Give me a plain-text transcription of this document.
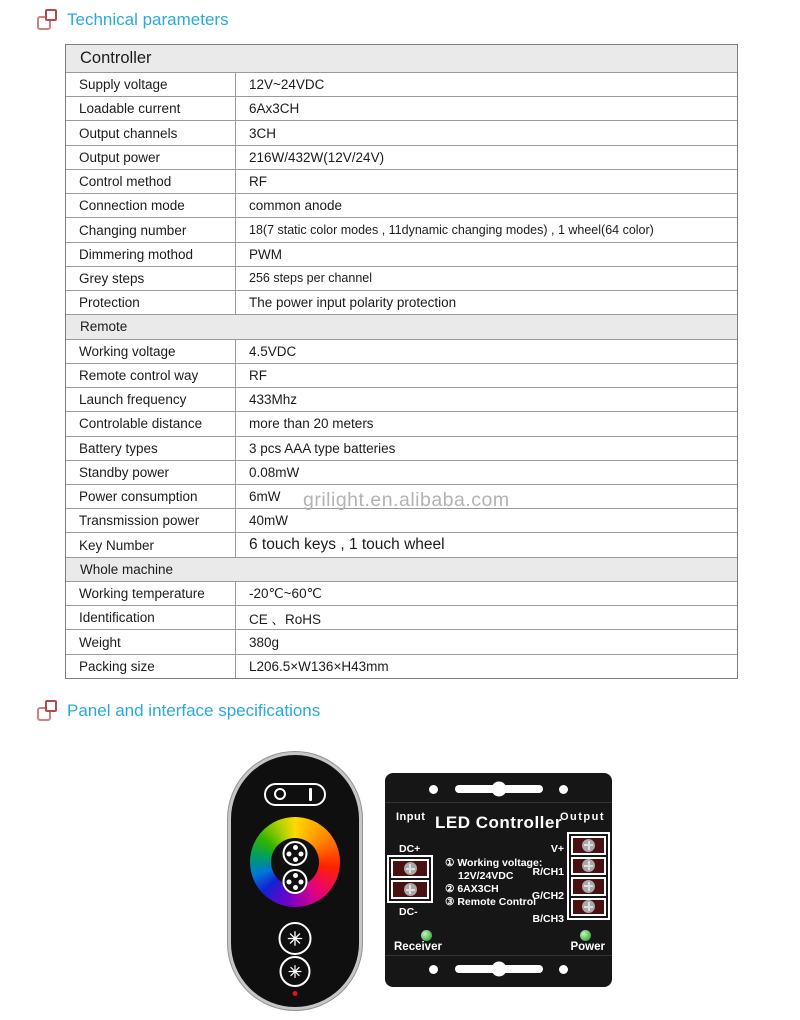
Technical parameters
Controller
Supply voltage	12V~24VDC
Loadable current	6Ax3CH
Output channels	3CH
Output power	216W/432W(12V/24V)
Control method	RF
Connection mode	common anode
Changing number	18(7 static color modes , 11dynamic changing modes) , 1 wheel(64 color)
Dimmering mothod	PWM
Grey steps	256 steps per channel
Protection	The power input polarity protection
Remote
Working voltage	4.5VDC
Remote control way	RF
Launch frequency	433Mhz
Controlable distance	more than 20 meters
Battery types	3 pcs AAA type batteries
Standby power	0.08mW
Power consumption	6mW
Transmission power	40mW
Key Number	6 touch keys , 1 touch wheel
Whole machine
Working temperature	-20℃~60℃
Identification	CE 、RoHS
Weight	380g
Packing size	L206.5×W136×H43mm
grilight.en.alibaba.com
Panel and interface specifications
Input LED Controller
Output
DC+
DC-
① Working voltage:
12V/24VDC
② 6AX3CH
③ Remote Control
V+
R/CH1
G/CH2
B/CH3
Receiver	Power
